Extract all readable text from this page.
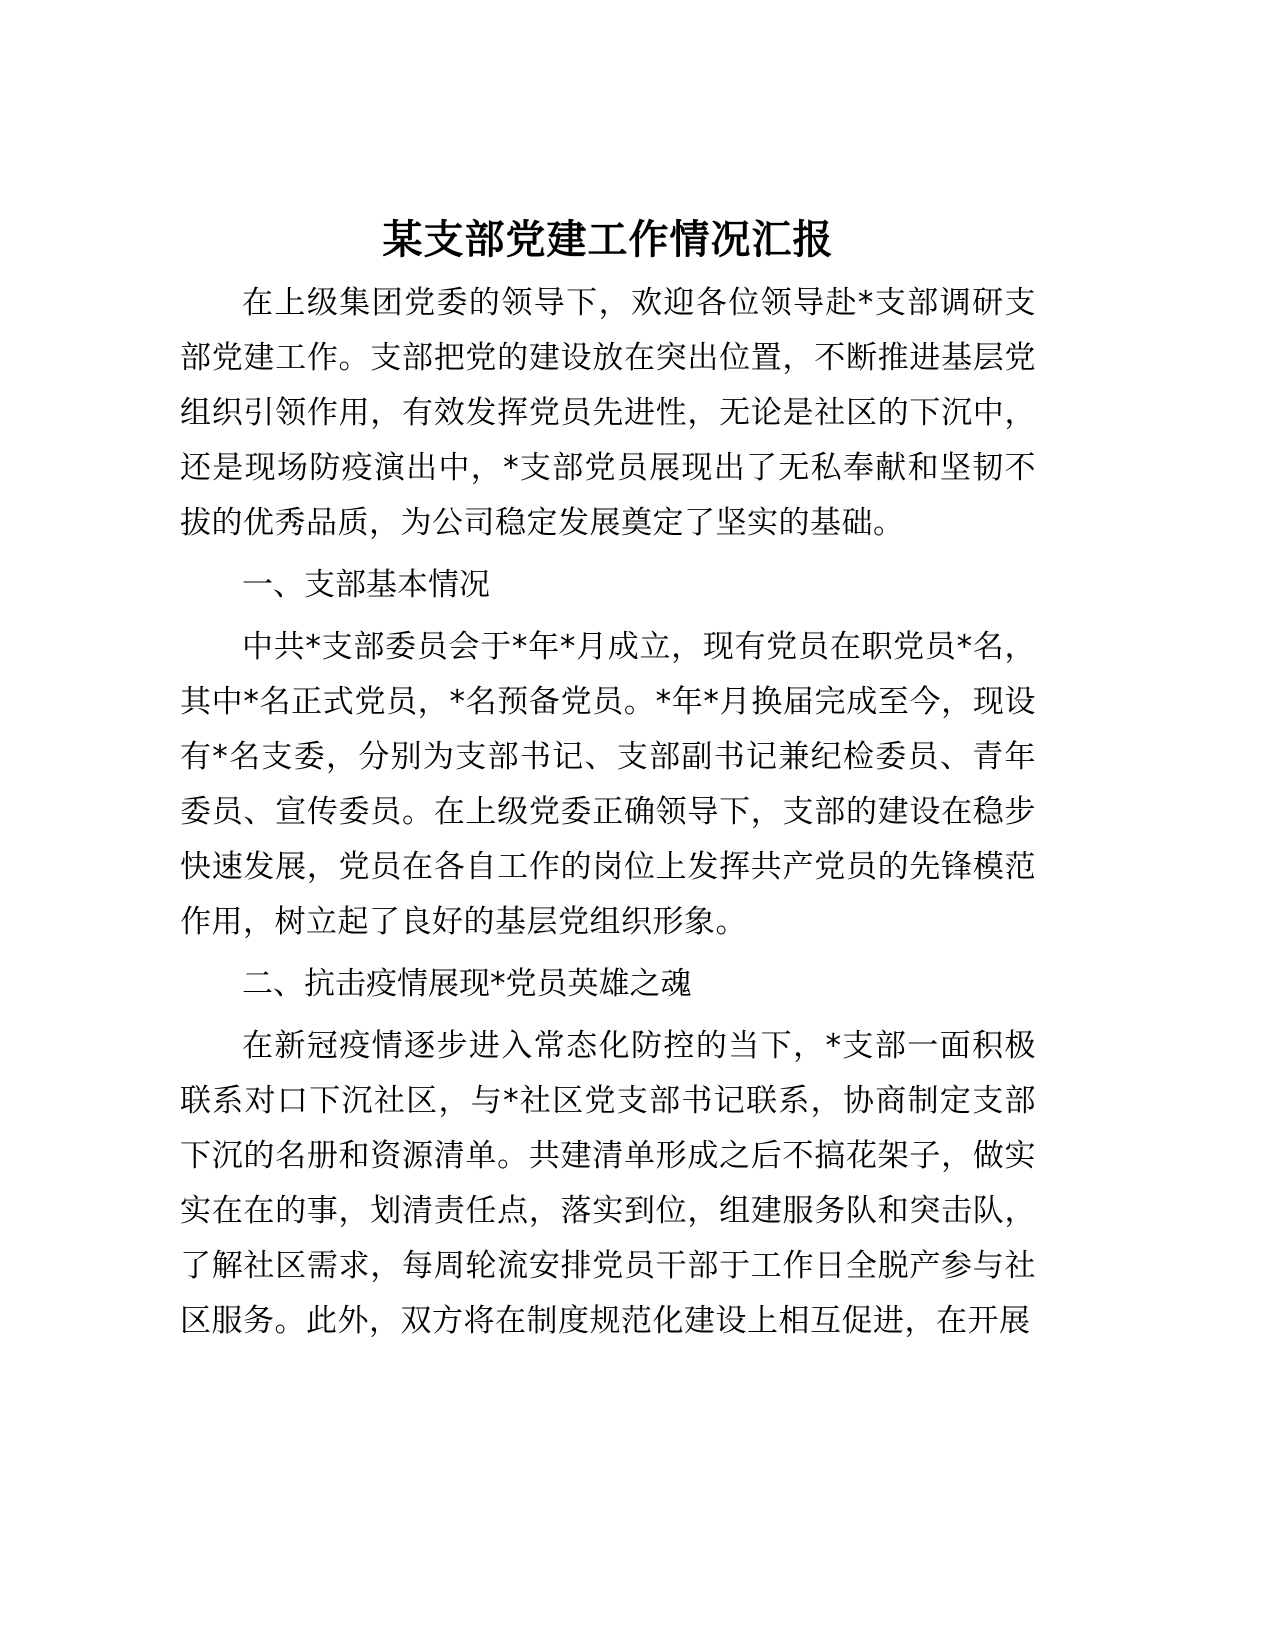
某支部党建工作情况汇报

在上级集团党委的领导下，欢迎各位领导赴*支部调研支部党建工作。支部把党的建设放在突出位置，不断推进基层党组织引领作用，有效发挥党员先进性，无论是社区的下沉中，还是现场防疫演出中，*支部党员展现出了无私奉献和坚韧不拔的优秀品质，为公司稳定发展奠定了坚实的基础。

一、支部基本情况

中共*支部委员会于*年*月成立，现有党员在职党员*名，其中*名正式党员，*名预备党员。*年*月换届完成至今，现设有*名支委，分别为支部书记、支部副书记兼纪检委员、青年委员、宣传委员。在上级党委正确领导下，支部的建设在稳步快速发展，党员在各自工作的岗位上发挥共产党员的先锋模范作用，树立起了良好的基层党组织形象。

二、抗击疫情展现*党员英雄之魂

在新冠疫情逐步进入常态化防控的当下，*支部一面积极联系对口下沉社区，与*社区党支部书记联系，协商制定支部下沉的名册和资源清单。共建清单形成之后不搞花架子，做实实在在的事，划清责任点，落实到位，组建服务队和突击队，了解社区需求，每周轮流安排党员干部于工作日全脱产参与社区服务。此外，双方将在制度规范化建设上相互促进，在开展
